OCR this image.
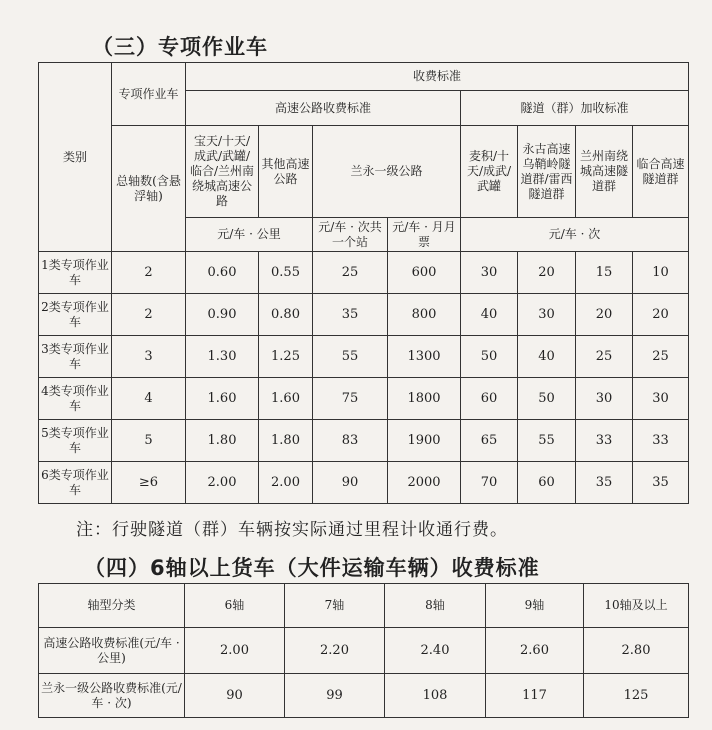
（三）专项作业车
类别	专项作业车	收费标准							
		高速公路收费标准				隧道（群）加收标准			
	总轴数(含悬浮轴)	宝天/十天/成武/武罐/临合/兰州南绕城高速公路	其他高速公路	兰永一级公路		麦积/十天/成武/武罐	永古高速乌鞘岭隧道群/雷西隧道群	兰州南绕城高速隧道群	临合高速隧道群
		元/车 · 公里		元/车 · 次共一个站	元/车 · 月月票	元/车 · 次			
1类专项作业车	2	0.60	0.55	25	600	30	20	15	10
2类专项作业车	2	0.90	0.80	35	800	40	30	20	20
3类专项作业车	3	1.30	1.25	55	1300	50	40	25	25
4类专项作业车	4	1.60	1.60	75	1800	60	50	30	30
5类专项作业车	5	1.80	1.80	83	1900	65	55	33	33
6类专项作业车	≥6	2.00	2.00	90	2000	70	60	35	35
注：行驶隧道（群）车辆按实际通过里程计收通行费。
（四）6轴以上货车（大件运输车辆）收费标准
轴型分类	6轴	7轴	8轴	9轴	10轴及以上
高速公路收费标准(元/车 · 公里)	2.00	2.20	2.40	2.60	2.80
兰永一级公路收费标准(元/车 · 次)	90	99	108	117	125
